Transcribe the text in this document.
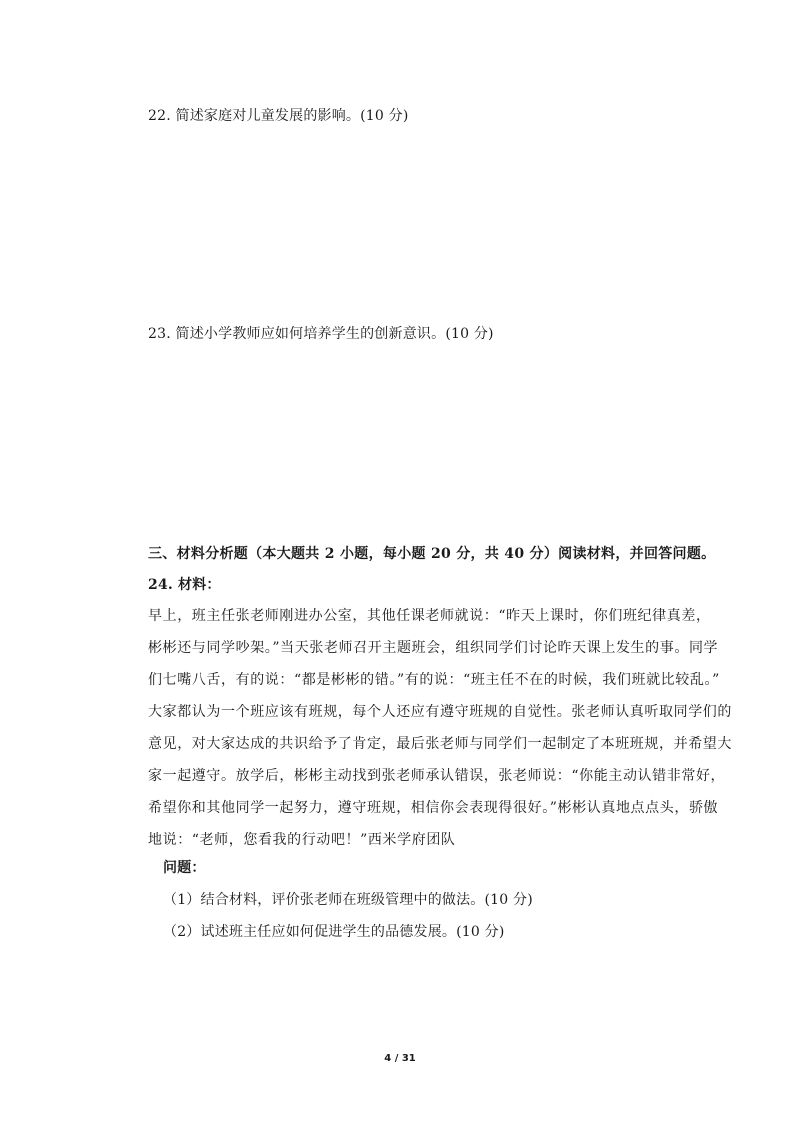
22. 简述家庭对儿童发展的影响。(10 分)
23. 简述小学教师应如何培养学生的创新意识。(10 分)
三、材料分析题（本大题共 2 小题，每小题 20 分，共 40 分）阅读材料，并回答问题。
24. 材料：
早上，班主任张老师刚进办公室，其他任课老师就说：“昨天上课时，你们班纪律真差，
彬彬还与同学吵架。”当天张老师召开主题班会，组织同学们讨论昨天课上发生的事。同学
们七嘴八舌，有的说：“都是彬彬的错。”有的说：“班主任不在的时候，我们班就比较乱。”
大家都认为一个班应该有班规，每个人还应有遵守班规的自觉性。张老师认真听取同学们的
意见，对大家达成的共识给予了肯定，最后张老师与同学们一起制定了本班班规，并希望大
家一起遵守。放学后，彬彬主动找到张老师承认错误，张老师说：“你能主动认错非常好，
希望你和其他同学一起努力，遵守班规，相信你会表现得很好。”彬彬认真地点点头，骄傲
地说：“老师，您看我的行动吧！”西米学府团队
问题：
（1）结合材料，评价张老师在班级管理中的做法。(10 分)
（2）试述班主任应如何促进学生的品德发展。(10 分)
4 / 31
